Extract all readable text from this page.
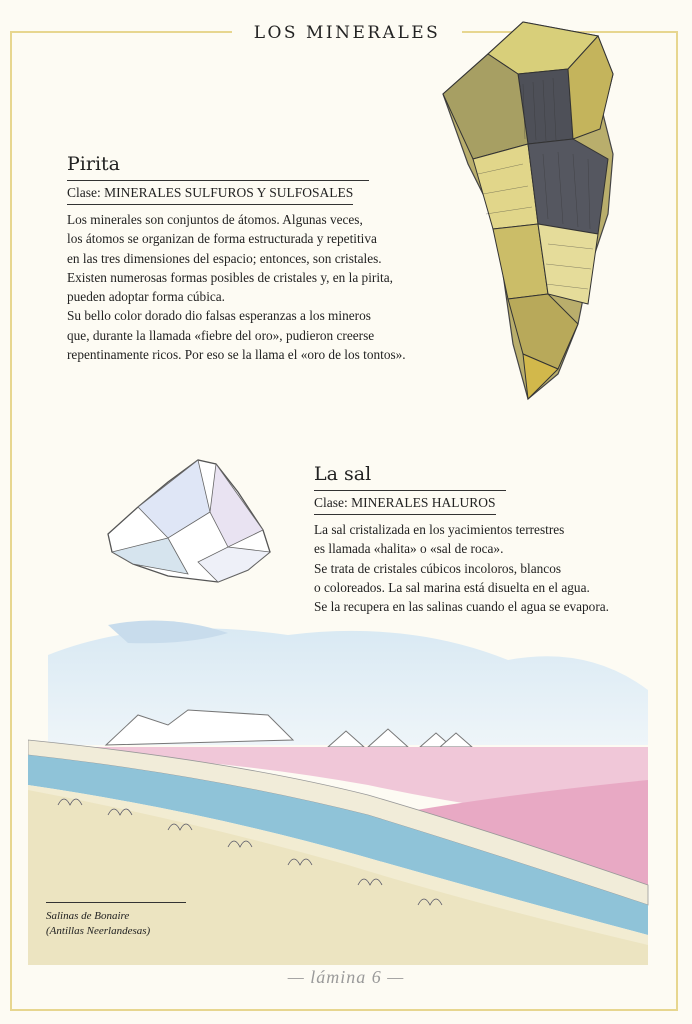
LOS MINERALES
Pirita
Clase: MINERALES SULFUROS Y SULFOSALES

Los minerales son conjuntos de átomos. Algunas veces,
los átomos se organizan de forma estructurada y repetitiva
en las tres dimensiones del espacio; entonces, son cristales.
Existen numerosas formas posibles de cristales y, en la pirita,
pueden adoptar forma cúbica.
Su bello color dorado dio falsas esperanzas a los mineros
que, durante la llamada «fiebre del oro», pudieron creerse
repentinamente ricos. Por eso se la llama el «oro de los tontos».

La sal
Clase: MINERALES HALUROS

La sal cristalizada en los yacimientos terrestres
es llamada «halita» o «sal de roca».
Se trata de cristales cúbicos incoloros, blancos
o coloreados. La sal marina está disuelta en el agua.
Se la recupera en las salinas cuando el agua se evapora.

Salinas de Bonaire
(Antillas Neerlandesas)
— lámina 6 —
